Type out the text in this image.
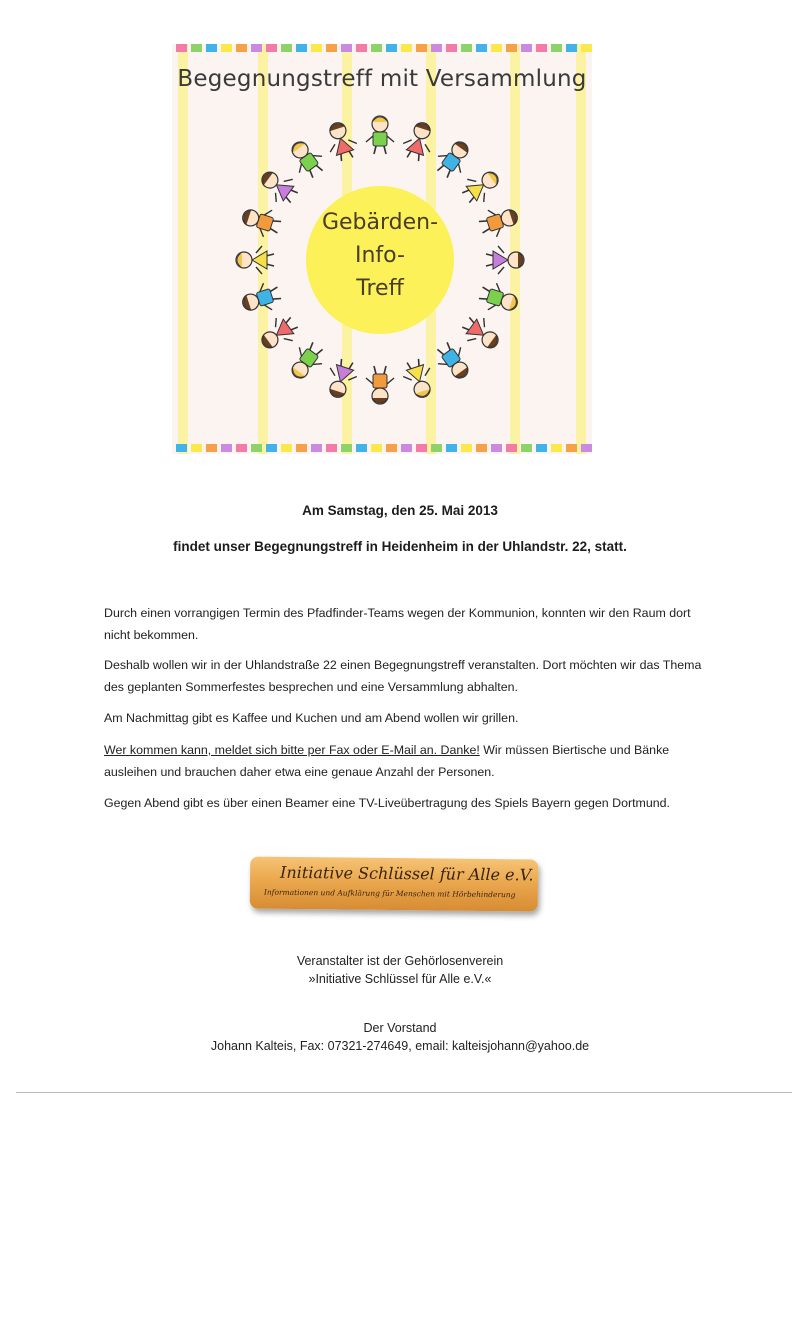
Begegnungstreff mit Versammlung
Gebärden-
Info-
Treff
Am Samstag, den 25. Mai 2013
findet unser Begegnungstreff in Heidenheim in der Uhlandstr. 22, statt.
Durch einen vorrangigen Termin des Pfadfinder-Teams wegen der Kommunion, konnten wir den Raum dort nicht bekommen.
Deshalb wollen wir in der Uhlandstraße 22 einen Begegnungstreff veranstalten. Dort möchten wir das Thema des geplanten Sommerfestes besprechen und eine Versammlung abhalten.
Am Nachmittag gibt es Kaffee und Kuchen und am Abend wollen wir grillen.
Wer kommen kann, meldet sich bitte per Fax oder E-Mail an. Danke! Wir müssen Biertische und Bänke ausleihen und brauchen daher etwa eine genaue Anzahl der Personen.
Gegen Abend gibt es über einen Beamer eine TV-Liveübertragung des Spiels Bayern gegen Dortmund.
Initiative Schlüssel für Alle e.V.
Informationen und Aufklärung für Menschen mit Hörbehinderung
Veranstalter ist der Gehörlosenverein
»Initiative Schlüssel für Alle e.V.«
Der Vorstand
Johann Kalteis, Fax: 07321-274649, email: kalteisjohann@yahoo.de
